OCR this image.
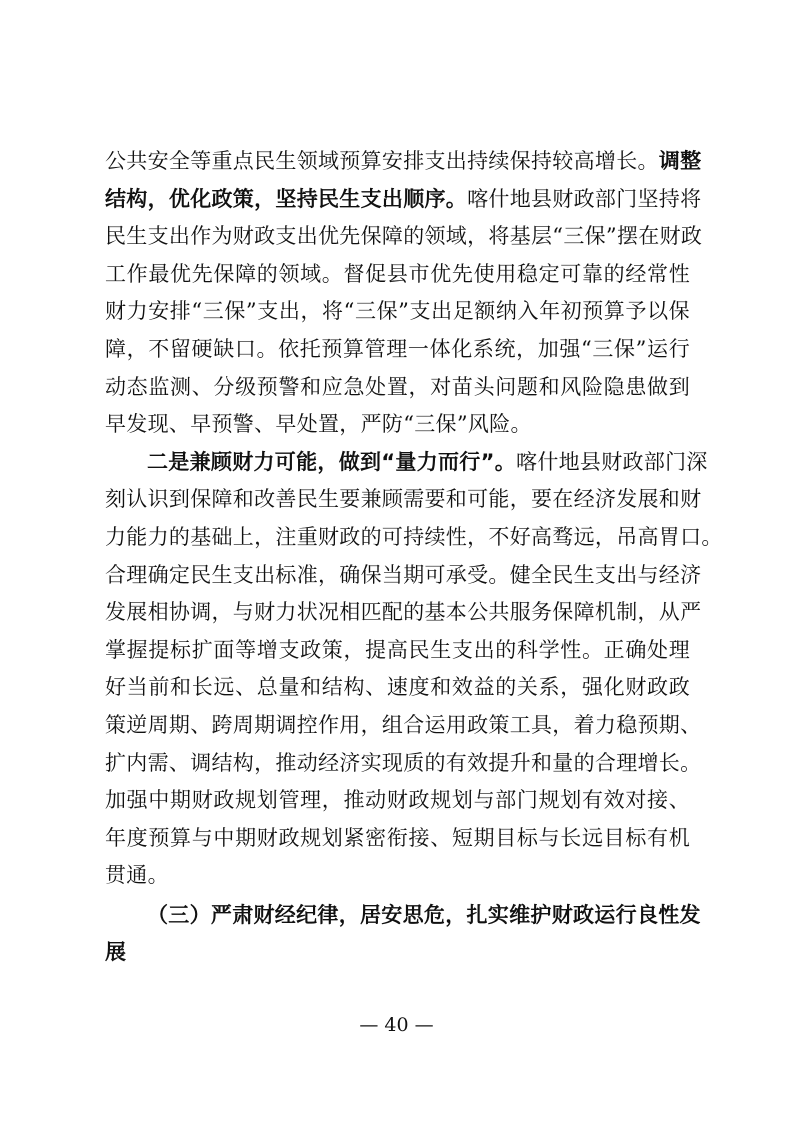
公共安全等重点民生领域预算安排支出持续保持较高增长。调整
结构，优化政策，坚持民生支出顺序。喀什地县财政部门坚持将
民生支出作为财政支出优先保障的领域，将基层“三保”摆在财政
工作最优先保障的领域。督促县市优先使用稳定可靠的经常性
财力安排“三保”支出，将“三保”支出足额纳入年初预算予以保
障，不留硬缺口。依托预算管理一体化系统，加强“三保”运行
动态监测、分级预警和应急处置，对苗头问题和风险隐患做到
早发现、早预警、早处置，严防“三保”风险。
二是兼顾财力可能，做到“量力而行”。喀什地县财政部门深
刻认识到保障和改善民生要兼顾需要和可能，要在经济发展和财
力能力的基础上，注重财政的可持续性，不好高骛远，吊高胃口。
合理确定民生支出标准，确保当期可承受。健全民生支出与经济
发展相协调，与财力状况相匹配的基本公共服务保障机制，从严
掌握提标扩面等增支政策，提高民生支出的科学性。正确处理
好当前和长远、总量和结构、速度和效益的关系，强化财政政
策逆周期、跨周期调控作用，组合运用政策工具，着力稳预期、
扩内需、调结构，推动经济实现质的有效提升和量的合理增长。
加强中期财政规划管理，推动财政规划与部门规划有效对接、
年度预算与中期财政规划紧密衔接、短期目标与长远目标有机
贯通。
（三）严肃财经纪律，居安思危，扎实维护财政运行良性发
展
— 40 —
